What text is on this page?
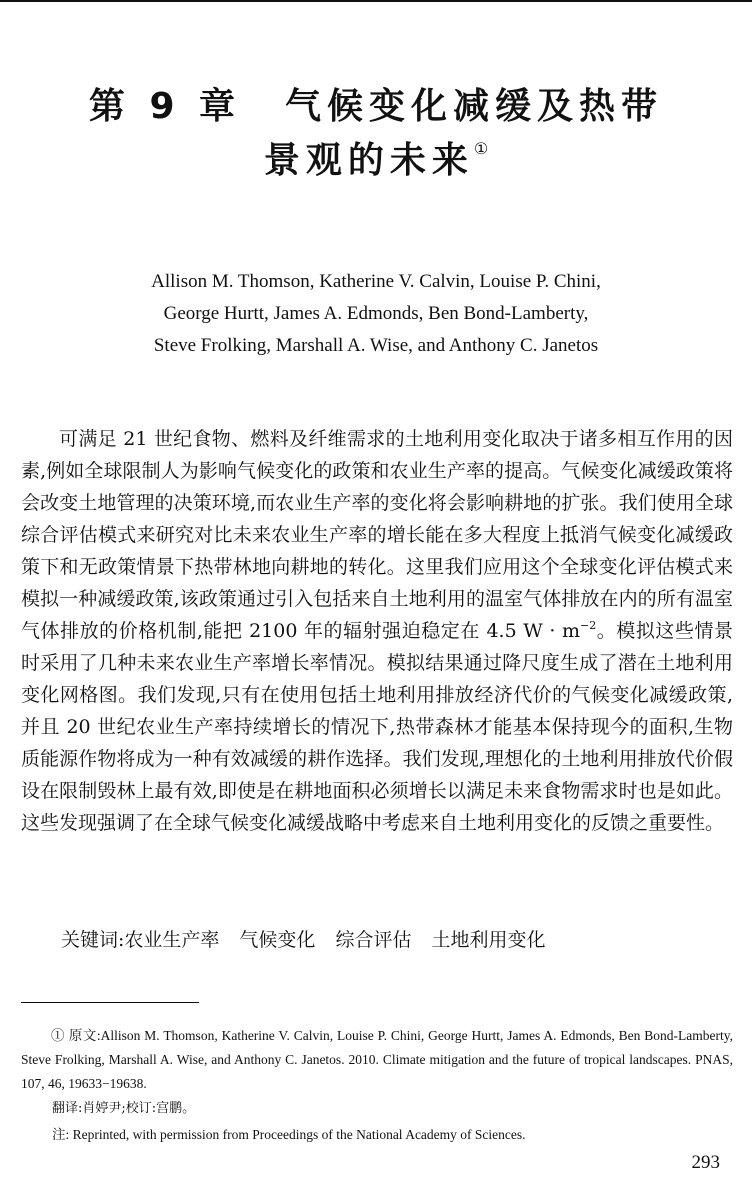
第 9 章 气候变化减缓及热带
景观的未来①
Allison M. Thomson, Katherine V. Calvin, Louise P. Chini,
George Hurtt, James A. Edmonds, Ben Bond-Lamberty,
Steve Frolking, Marshall A. Wise, and Anthony C. Janetos

可满足 21 世纪食物、燃料及纤维需求的土地利用变化取决于诸多相互作用的因素,例如全球限制人为影响气候变化的政策和农业生产率的提高。气候变化减缓政策将会改变土地管理的决策环境,而农业生产率的变化将会影响耕地的扩张。我们使用全球综合评估模式来研究对比未来农业生产率的增长能在多大程度上抵消气候变化减缓政策下和无政策情景下热带林地向耕地的转化。这里我们应用这个全球变化评估模式来模拟一种减缓政策,该政策通过引入包括来自土地利用的温室气体排放在内的所有温室气体排放的价格机制,能把 2100 年的辐射强迫稳定在 4.5 $W \cdot m^{-2}$。模拟这些情景时采用了几种未来农业生产率增长率情况。模拟结果通过降尺度生成了潜在土地利用变化网格图。我们发现,只有在使用包括土地利用排放经济代价的气候变化减缓政策,并且 20 世纪农业生产率持续增长的情况下,热带森林才能基本保持现今的面积,生物质能源作物将成为一种有效减缓的耕作选择。我们发现,理想化的土地利用排放代价假设在限制毁林上最有效,即使是在耕地面积必须增长以满足未来食物需求时也是如此。这些发现强调了在全球气候变化减缓战略中考虑来自土地利用变化的反馈之重要性。

关键词:农业生产率 气候变化 综合评估 土地利用变化
① 原文:Allison M. Thomson, Katherine V. Calvin, Louise P. Chini, George Hurtt, James A. Edmonds, Ben Bond-Lamberty, Steve Frolking, Marshall A. Wise, and Anthony C. Janetos. 2010. Climate mitigation and the future of tropical landscapes. PNAS, 107, 46, 19633−19638.
翻译:肖婷尹;校订:宫鹏。
注: Reprinted, with permission from Proceedings of the National Academy of Sciences.
293
